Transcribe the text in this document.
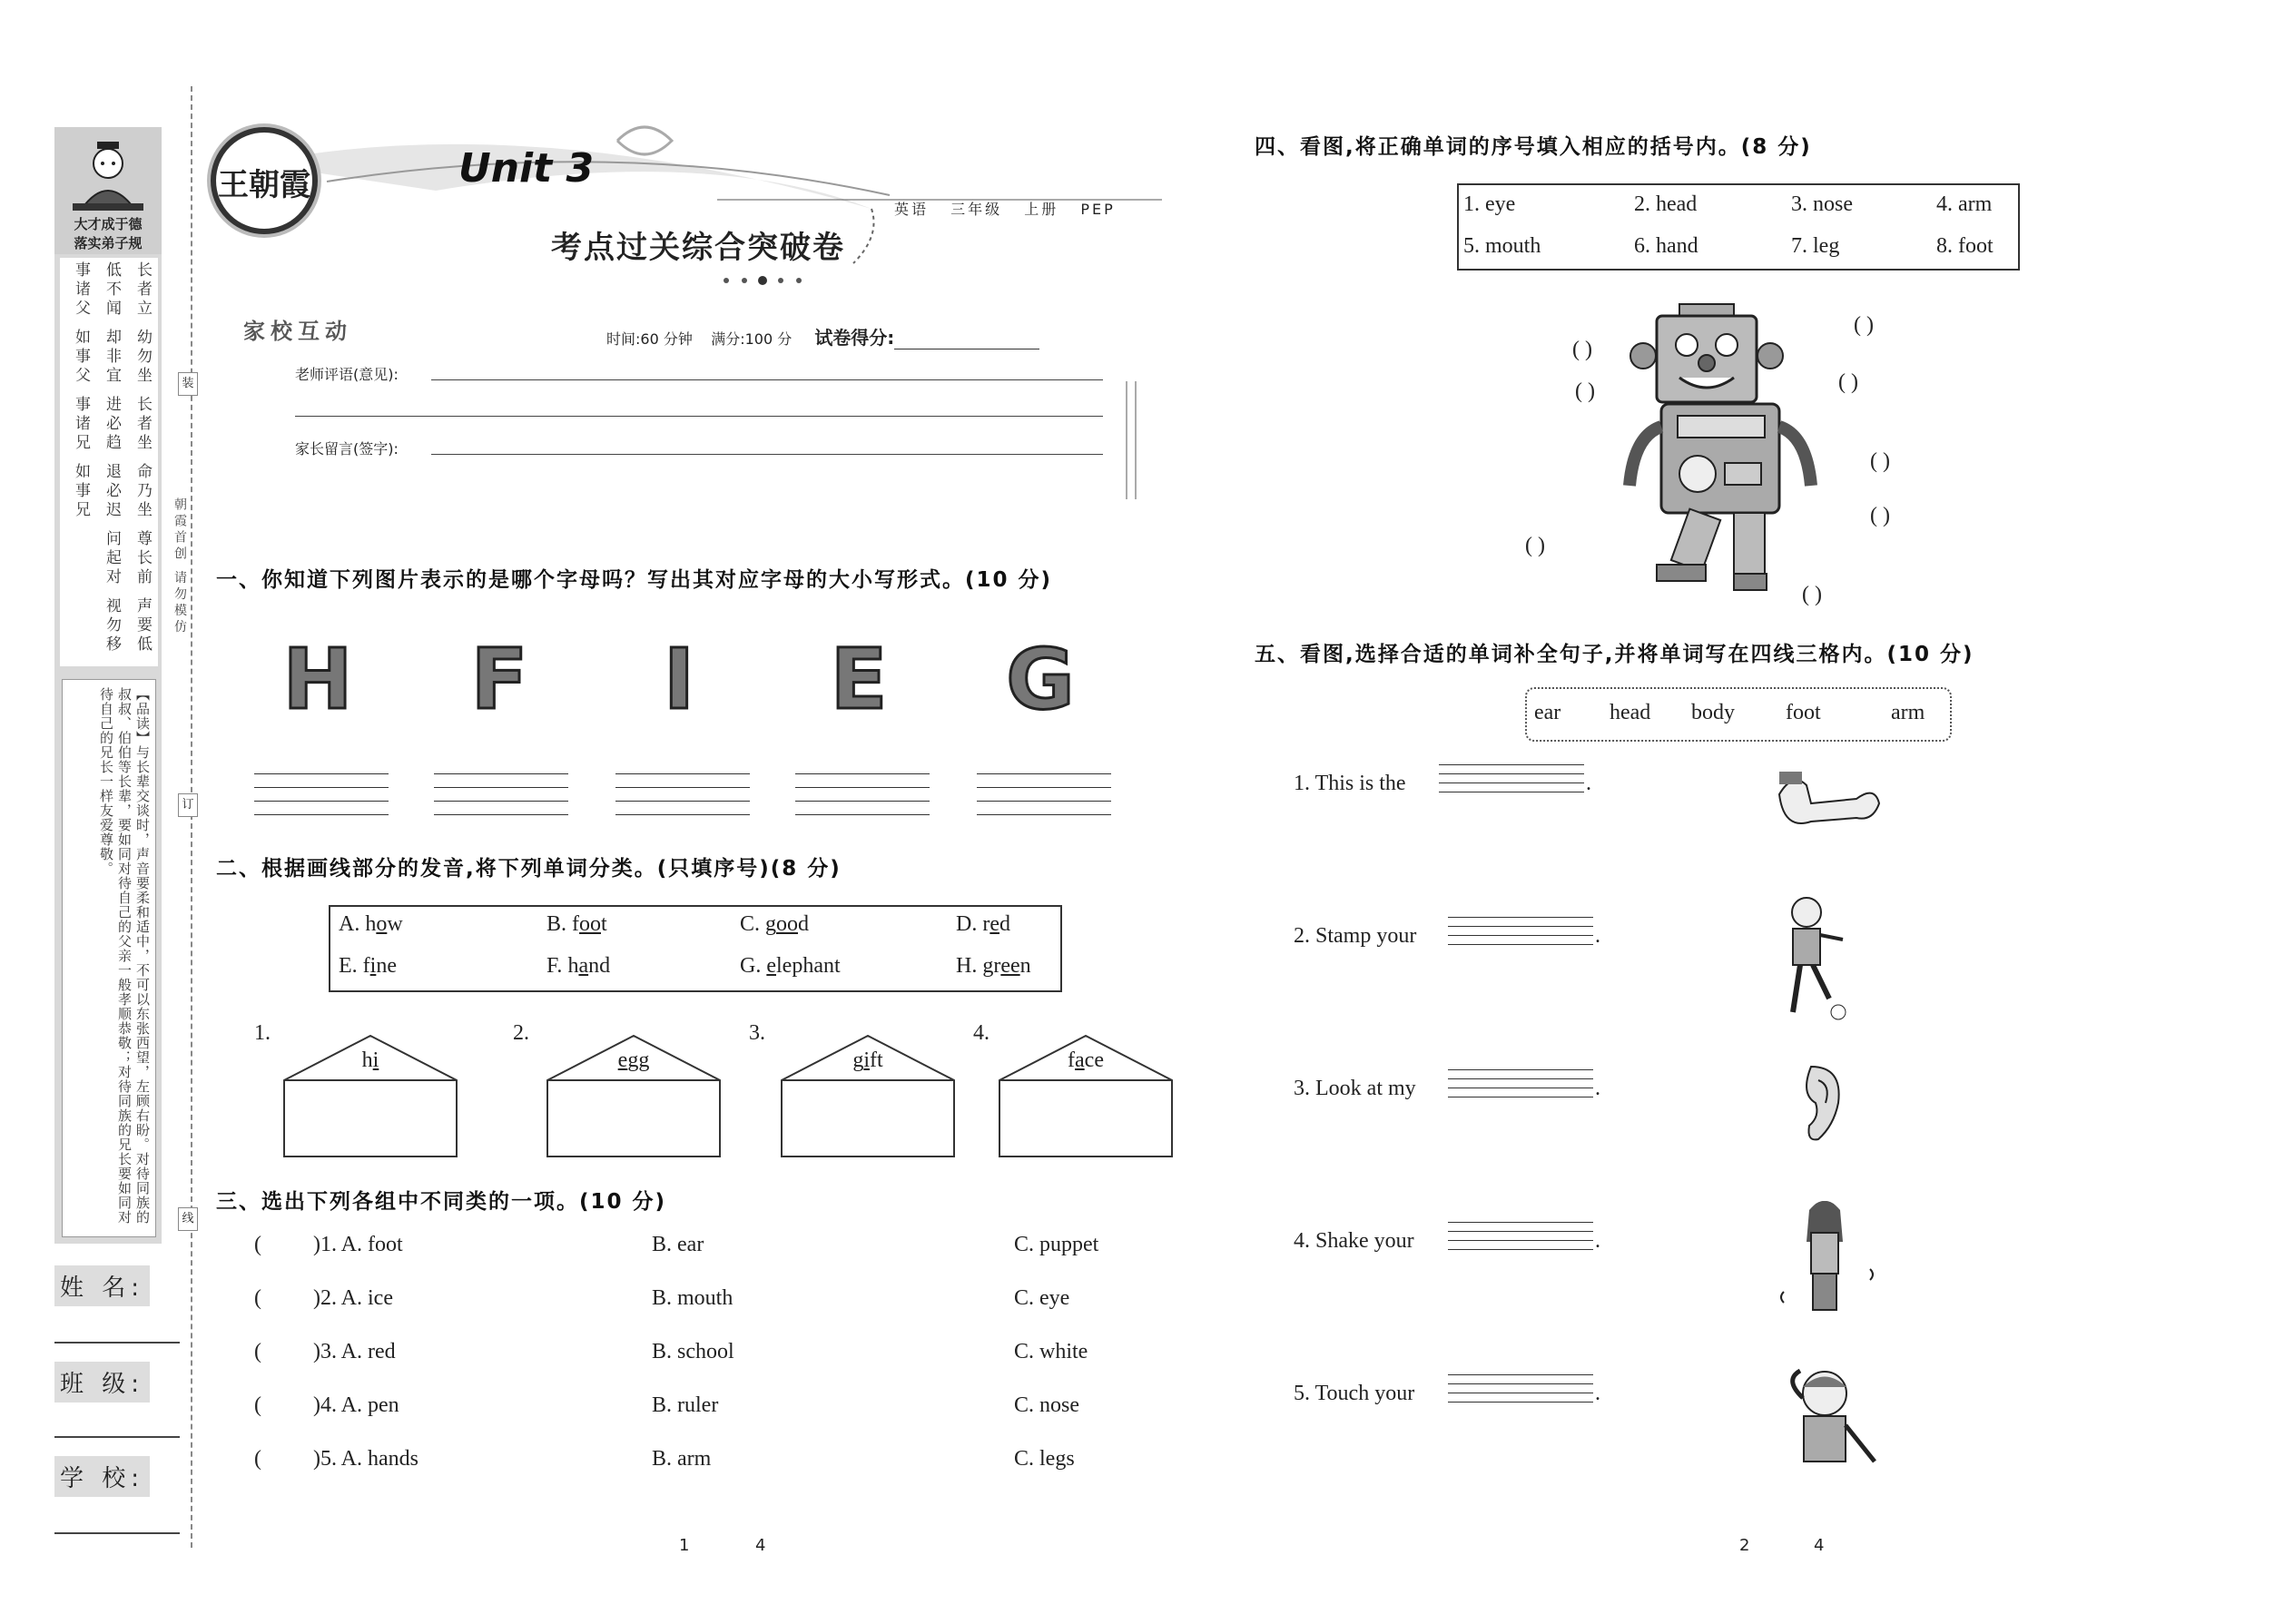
大才成于德
落实弟子规
长者立
幼勿坐
长者坐
命乃坐
尊长前
声要低
低不闻
却非宜
进必趋
退必迟
问起对
视勿移
事诸父
如事父
事诸兄
如事兄
【品读】与长辈交谈时，声音要柔和适中，不可以东张西望，左顾右盼。对待同族的叔叔、伯伯等长辈，要如同对待自己的父亲一般孝顺恭敬；对待同族的兄长要如同对待自己的兄长一样友爱尊敬。
姓 名:
班 级:
学 校:
装
订
线
朝霞首创 请勿模仿
王朝霞	Unit 3
考点过关综合突破卷
英语 三年级 上册 PEP
家校互动	时间:60 分钟 满分:100 分 试卷得分:
老师评语(意见):
家长留言(签字):
一、你知道下列图片表示的是哪个字母吗？写出其对应字母的大小写形式。(10 分)
H F	I	E G
二、根据画线部分的发音,将下列单词分类。(只填序号)(8 分)
A. how	B. foot	C. good	D. red
E. fine	F. hand	G. elephant	H. green
1.
hi
2.
egg
3.
gift
4.
face
三、选出下列各组中不同类的一项。(10 分)
( )1. A. foot	B. ear	C. puppet
( )2. A. ice	B. mouth	C. eye
( )3. A. red	B. school	C. white
( )4. A. pen	B. ruler	C. nose
( )5. A. hands	B. arm	C. legs
1	4
四、看图,将正确单词的序号填入相应的括号内。(8 分)
1. eye	2. head	3. nose	4. arm
5. mouth	6. hand	7. leg	8. foot
( )
( )
( )
( )
( )
( )
( )
( )
五、看图,选择合适的单词补全句子,并将单词写在四线三格内。(10 分)
ear head body foot	arm
1. This is the	.
2. Stamp your	.
3. Look at my	.
4. Shake your	.
5. Touch your	.
2	4
